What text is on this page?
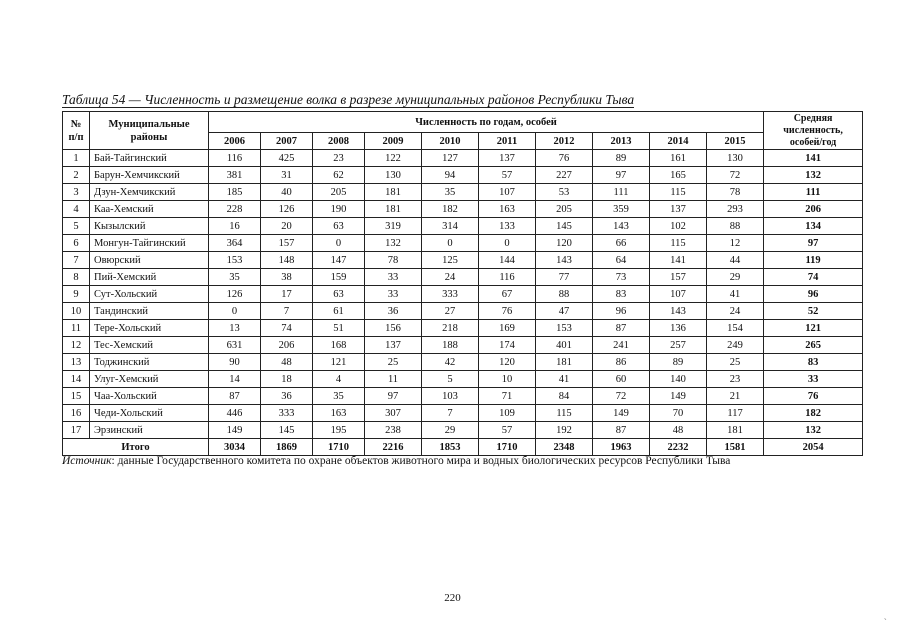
Таблица 54 — Численность и размещение волка в разрезе муниципальных районов Республики Тыва
№
п/п	Муниципальные районы	Численность по годам, особей										Средняя численность, особей/год
		2006	2007	2008	2009	2010	2011	2012	2013	2014	2015	
1	Бай-Тайгинский	116	425	23	122	127	137	76	89	161	130	141
2	Барун-Хемчикский	381	31	62	130	94	57	227	97	165	72	132
3	Дзун-Хемчикский	185	40	205	181	35	107	53	111	115	78	111
4	Каа-Хемский	228	126	190	181	182	163	205	359	137	293	206
5	Кызылский	16	20	63	319	314	133	145	143	102	88	134
6	Монгун-Тайгинский	364	157	0	132	0	0	120	66	115	12	97
7	Овюрский	153	148	147	78	125	144	143	64	141	44	119
8	Пий-Хемский	35	38	159	33	24	116	77	73	157	29	74
9	Сут-Хольский	126	17	63	33	333	67	88	83	107	41	96
10	Тандинский	0	7	61	36	27	76	47	96	143	24	52
11	Тере-Хольский	13	74	51	156	218	169	153	87	136	154	121
12	Тес-Хемский	631	206	168	137	188	174	401	241	257	249	265
13	Тоджинский	90	48	121	25	42	120	181	86	89	25	83
14	Улуг-Хемский	14	18	4	11	5	10	41	60	140	23	33
15	Чаа-Хольский	87	36	35	97	103	71	84	72	149	21	76
16	Чеди-Хольский	446	333	163	307	7	109	115	149	70	117	182
17	Эрзинский	149	145	195	238	29	57	192	87	48	181	132
Итого		3034	1869	1710	2216	1853	1710	2348	1963	2232	1581	2054
Источник: данные Государственного комитета по охране объектов животного мира и водных биологических ресурсов Республики Тыва
220
`
